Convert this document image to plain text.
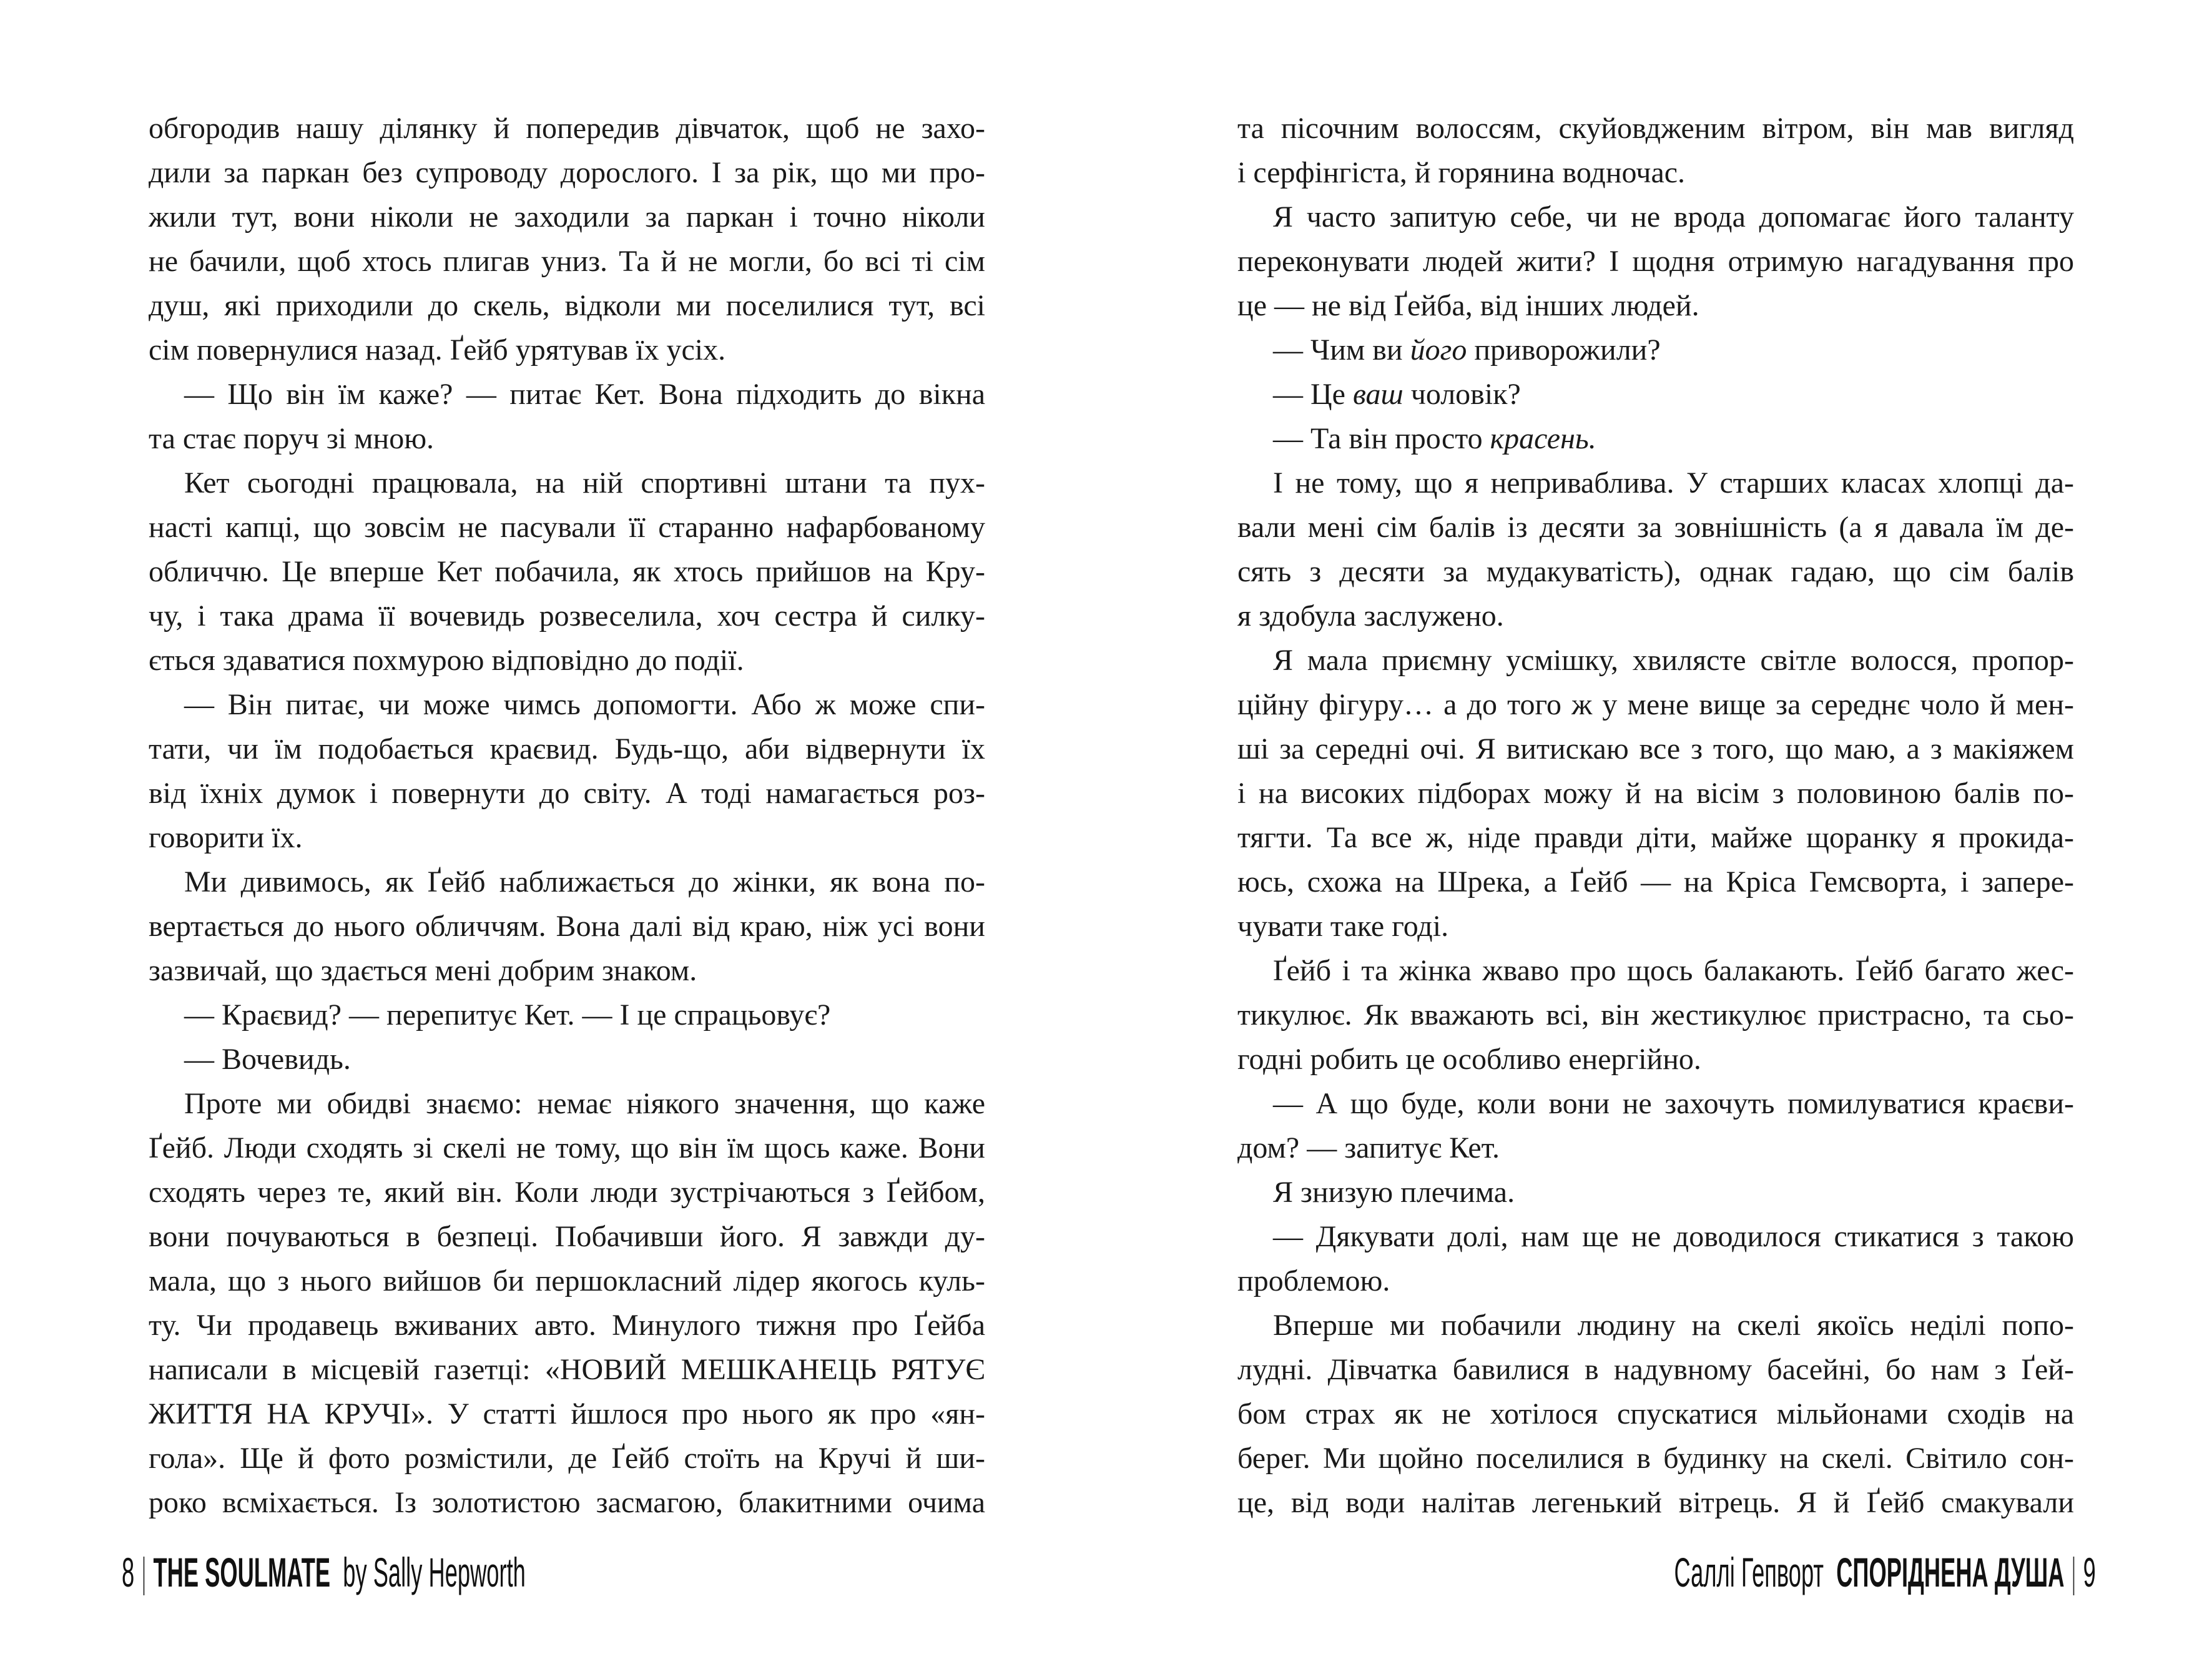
обгородив нашу ділянку й попередив дівчаток, щоб не захо-
дили за паркан без супроводу дорослого. І за рік, що ми про-
жили тут, вони ніколи не заходили за паркан і точно ніколи
не бачили, щоб хтось плигав униз. Та й не могли, бо всі ті сім
душ, які приходили до скель, відколи ми поселилися тут, всі
сім повернулися назад. Ґейб урятував їх усіх.
— Що він їм каже? — питає Кет. Вона підходить до вікна
та стає поруч зі мною.
Кет сьогодні працювала, на ній спортивні штани та пух-
насті капці, що зовсім не пасували її старанно нафарбованому
обличчю. Це вперше Кет побачила, як хтось прийшов на Кру-
чу, і така драма її вочевидь розвеселила, хоч сестра й силку-
ється здаватися похмурою відповідно до події.
— Він питає, чи може чимсь допомогти. Або ж може спи-
тати, чи їм подобається краєвид. Будь-що, аби відвернути їх
від їхніх думок і повернути до світу. А тоді намагається роз-
говорити їх.
Ми дивимось, як Ґейб наближається до жінки, як вона по-
вертається до нього обличчям. Вона далі від краю, ніж усі вони
зазвичай, що здається мені добрим знаком.
— Краєвид? — перепитує Кет. — І це спрацьовує?
— Вочевидь.
Проте ми обидві знаємо: немає ніякого значення, що каже
Ґейб. Люди сходять зі скелі не тому, що він їм щось каже. Вони
сходять через те, який він. Коли люди зустрічаються з Ґейбом,
вони почуваються в безпеці. Побачивши його. Я завжди ду-
мала, що з нього вийшов би першокласний лідер якогось куль-
ту. Чи продавець вживаних авто. Минулого тижня про Ґейба
написали в місцевій газетці: «НОВИЙ МЕШКАНЕЦЬ РЯТУЄ
ЖИТТЯ НА КРУЧІ». У статті йшлося про нього як про «ян-
гола». Ще й фото розмістили, де Ґейб стоїть на Кручі й ши-
роко всміхається. Із золотистою засмагою, блакитними очима
8 THE SOULMATE by Sally Hepworth
та пісочним волоссям, скуйовдженим вітром, він мав вигляд
і серфінгіста, й горянина водночас.
Я часто запитую себе, чи не врода допомагає його таланту
переконувати людей жити? І щодня отримую нагадування про
це — не від Ґейба, від інших людей.
— Чим ви його приворожили?
— Це ваш чоловік?
— Та він просто красень.
І не тому, що я неприваблива. У старших класах хлопці да-
вали мені сім балів із десяти за зовнішність (а я давала їм де-
сять з десяти за мудакуватість), однак гадаю, що сім балів
я здобула заслужено.
Я мала приємну усмішку, хвилясте світле волосся, пропор-
ційну фігуру… а до того ж у мене вище за середнє чоло й мен-
ші за середні очі. Я витискаю все з того, що маю, а з макіяжем
і на високих підборах можу й на вісім з половиною балів по-
тягти. Та все ж, ніде правди діти, майже щоранку я прокида-
юсь, схожа на Шрека, а Ґейб — на Кріса Гемсворта, і запере-
чувати таке годі.
Ґейб і та жінка жваво про щось балакають. Ґейб багато жес-
тикулює. Як вважають всі, він жестикулює пристрасно, та сьо-
годні робить це особливо енергійно.
— А що буде, коли вони не захочуть помилуватися краєви-
дом? — запитує Кет.
Я знизую плечима.
— Дякувати долі, нам ще не доводилося стикатися з такою
проблемою.
Вперше ми побачили людину на скелі якоїсь неділі попо-
лудні. Дівчатка бавилися в надувному басейні, бо нам з Ґей-
бом страх як не хотілося спускатися мільйонами сходів на
берег. Ми щойно поселилися в будинку на скелі. Світило сон-
це, від води налітав легенький вітрець. Я й Ґейб смакували
Саллі Гепворт СПОРІДНЕНА ДУША 9
